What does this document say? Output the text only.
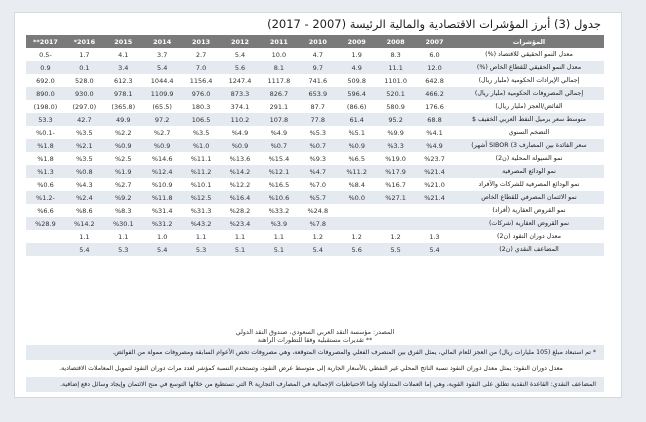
جدول (3) أبرز المؤشرات الاقتصادية والمالية الرئيسة (2007 - 2017)
**2017	*2016	2015	2014	2013	2012	2011	2010	2009	2008	2007	المؤشرات
0.5-	1.7	4.1	3.7	2.7	5.4	10.0	4.7	1.9	8.3	6.0	معدل النمو الحقيقي للاقتصاد (%)
0.9	0.1	3.4	5.4	7.0	5.6	8.1	9.7	4.9	11.1	12.0	معدل النمو الحقيقي للقطاع الخاص (%)
692.0	528.0	612.3	1044.4	1156.4	1247.4	1117.8	741.6	509.8	1101.0	642.8	إجمالي الإيرادات الحكومية (مليار ريال)
890.0	930.0	978.1	1109.9	976.0	873.3	826.7	653.9	596.4	520.1	466.2	إجمالي المصروفات الحكومية (مليار ريال)
(198.0)	(297.0)	(365.8)	(65.5)	180.3	374.1	291.1	87.7	(86.6)	580.9	176.6	الفائض/العجز (مليار ريال)
53.3	42.7	49.9	97.2	106.5	110.2	107.8	77.8	61.4	95.2	68.8	متوسط سعر برميل النفط العربي الخفيف $
%0.1-	%3.5	%2.2	%2.7	%3.5	%4.9	%4.9	%5.3	%5.1	%9.9	%4.1	التضخم السنوي
%1.8	%2.1	%0.9	%0.9	%1.0	%0.9	%0.7	%0.7	%0.9	%3.3	%4.9	سعر الفائدة بين المصارف 3) SIBOR أشهر)
%1.8	%3.5	%2.5	%14.6	%11.1	%13.6	%15.4	%9.3	%6.5	%19.0	%23.7	نمو السيولة المحلية (ن2)
%1.3	%0.8	%1.9	%12.4	%11.2	%14.2	%12.1	%4.7	%11.2	%17.9	%21.4	نمو الودائع المصرفية
%0.6	%4.3	%2.7	%10.9	%10.1	%12.2	%16.5	%7.0	%8.4	%16.7	%21.0	نمو الودائع المصرفية للشركات والأفراد
%1.2-	%2.4	%9.2	%11.8	%12.5	%16.4	%10.6	%5.7	%0.0	%27.1	%21.4	نمو الائتمان المصرفي للقطاع الخاص
%6.6	%8.6	%8.3	%31.4	%31.3	%28.2	%33.2	%24.8				نمو القروض العقارية (أفراد)
%28.9	%14.2	%30.1	%31.2	%43.2	%23.4	%3.9	%7.8				نمو القروض العقارية (شركات)
	1.1	1.1	1.0	1.1	1.1	1.1	1.2	1.2	1.2	1.3	معدل دوران النقود (ن2)
	5.4	5.3	5.4	5.3	5.1	5.1	5.4	5.6	5.5	5.4	المضاعف النقدي (ن2)
المصدر: مؤسسة النقد العربي السعودي، صندوق النقد الدولي
** تقديرات مستقبلية وفقا للتطورات الراهنة
* تم استبعاد مبلغ (105 مليارات ريال) من العجز للعام المالي، يمثل الفرق بين المنصرف الفعلي والمصروفات المتوقعة، وهي مصروفات تخص الأعوام السابقة ومصروفات ممولة من الفوائض.
معدل دوران النقود: يمثل معدل دوران النقود نسبة الناتج المحلي غير النفطي بالأسعار الجارية إلى متوسط عرض النقود، وتستخدم النسبة كمؤشر لعدد مرات دوران النقود لتمويل المعاملات الاقتصادية.
المضاعف النقدي: القاعدة النقدية تطلق على النقود القوية، وهي إما العملات المتداولة وإما الاحتياطيات الإجمالية في المصارف التجارية R التي تستطيع من خلالها التوسع في منح الائتمان وإيجاد وسائل دفع إضافية.
